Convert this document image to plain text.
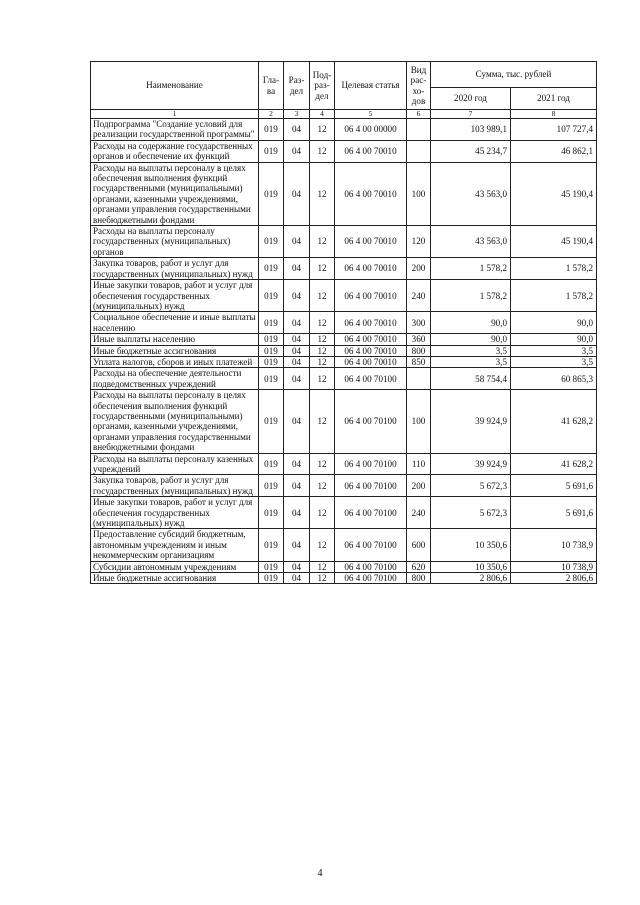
Наименование	Гла-ва	Раз-дел	Под-раз-дел	Целевая статья	Вид рас-хо-дов	Сумма, тыс. рублей	
						2020 год	2021 год
1	2	3	4	5	6	7	8
Подпрограмма "Создание условий для реализации государственной программы"	019	04	12	06 4 00 00000		103 989,1	107 727,4
Расходы на содержание государственных органов и обеспечение их функций	019	04	12	06 4 00 70010		45 234,7	46 862,1
Расходы на выплаты персоналу в целях обеспечения выполнения функций государственными (муниципальными) органами, казенными учреждениями, органами управления государственными внебюджетными фондами	019	04	12	06 4 00 70010	100	43 563,0	45 190,4
Расходы на выплаты персоналу государственных (муниципальных) органов	019	04	12	06 4 00 70010	120	43 563,0	45 190,4
Закупка товаров, работ и услуг для государственных (муниципальных) нужд	019	04	12	06 4 00 70010	200	1 578,2	1 578,2
Иные закупки товаров, работ и услуг для обеспечения государственных (муниципальных) нужд	019	04	12	06 4 00 70010	240	1 578,2	1 578,2
Социальное обеспечение и иные выплаты населению	019	04	12	06 4 00 70010	300	90,0	90,0
Иные выплаты населению	019	04	12	06 4 00 70010	360	90,0	90,0
Иные бюджетные ассигнования	019	04	12	06 4 00 70010	800	3,5	3,5
Уплата налогов, сборов и иных платежей	019	04	12	06 4 00 70010	850	3,5	3,5
Расходы на обеспечение деятельности подведомственных учреждений	019	04	12	06 4 00 70100		58 754,4	60 865,3
Расходы на выплаты персоналу в целях обеспечения выполнения функций государственными (муниципальными) органами, казенными учреждениями, органами управления государственными внебюджетными фондами	019	04	12	06 4 00 70100	100	39 924,9	41 628,2
Расходы на выплаты персоналу казенных учреждений	019	04	12	06 4 00 70100	110	39 924,9	41 628,2
Закупка товаров, работ и услуг для государственных (муниципальных) нужд	019	04	12	06 4 00 70100	200	5 672,3	5 691,6
Иные закупки товаров, работ и услуг для обеспечения государственных (муниципальных) нужд	019	04	12	06 4 00 70100	240	5 672,3	5 691,6
Предоставление субсидий бюджетным, автономным учреждениям и иным некоммерческим организациям	019	04	12	06 4 00 70100	600	10 350,6	10 738,9
Субсидии автономным учреждениям	019	04	12	06 4 00 70100	620	10 350,6	10 738,9
Иные бюджетные ассигнования	019	04	12	06 4 00 70100	800	2 806,6	2 806,6
4
